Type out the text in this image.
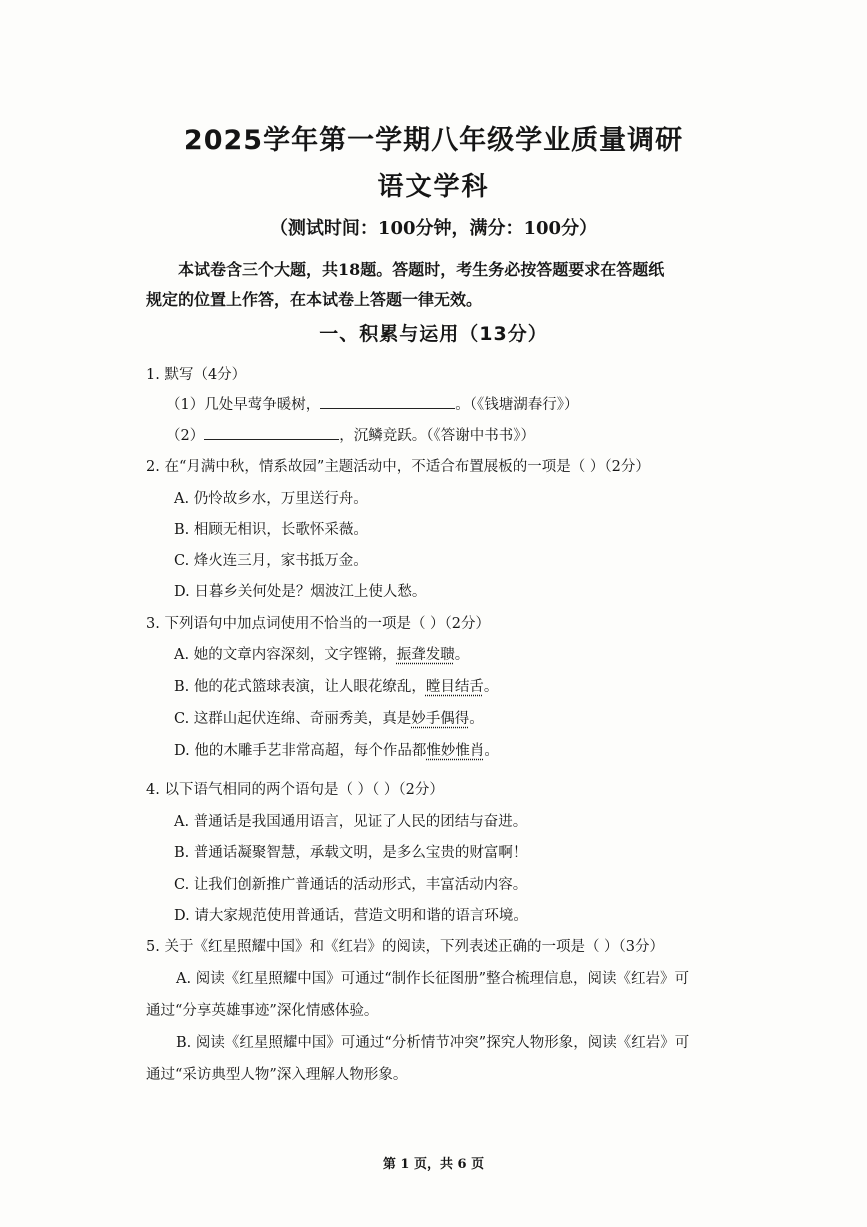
2025学年第一学期八年级学业质量调研
语文学科
（测试时间：100分钟，满分：100分）
本试卷含三个大题，共18题。答题时，考生务必按答题要求在答题纸
规定的位置上作答，在本试卷上答题一律无效。
一、积累与运用（13分）
1. 默写（4分）
（1）几处早莺争暖树，	。（《钱塘湖春行》）
（2）	，沉鳞竞跃。（《答谢中书书》）
2. 在“月满中秋，情系故园”主题活动中，不适合布置展板的一项是（ ）（2分）
A. 仍怜故乡水，万里送行舟。
B. 相顾无相识，长歌怀采薇。
C. 烽火连三月，家书抵万金。
D. 日暮乡关何处是？烟波江上使人愁。
3. 下列语句中加点词使用不恰当的一项是（ ）（2分）
A. 她的文章内容深刻，文字铿锵，振聋发聩。
B. 他的花式篮球表演，让人眼花缭乱，瞠目结舌。
C. 这群山起伏连绵、奇丽秀美，真是妙手偶得。
D. 他的木雕手艺非常高超，每个作品都惟妙惟肖。
4. 以下语气相同的两个语句是（ ）（ ）（2分）
A. 普通话是我国通用语言，见证了人民的团结与奋进。
B. 普通话凝聚智慧，承载文明，是多么宝贵的财富啊！
C. 让我们创新推广普通话的活动形式，丰富活动内容。
D. 请大家规范使用普通话，营造文明和谐的语言环境。
5. 关于《红星照耀中国》和《红岩》的阅读，下列表述正确的一项是（ ）（3分）
A. 阅读《红星照耀中国》可通过“制作长征图册”整合梳理信息，阅读《红岩》可
通过“分享英雄事迹”深化情感体验。
B. 阅读《红星照耀中国》可通过“分析情节冲突”探究人物形象，阅读《红岩》可
通过“采访典型人物”深入理解人物形象。
第 1 页，共 6 页
